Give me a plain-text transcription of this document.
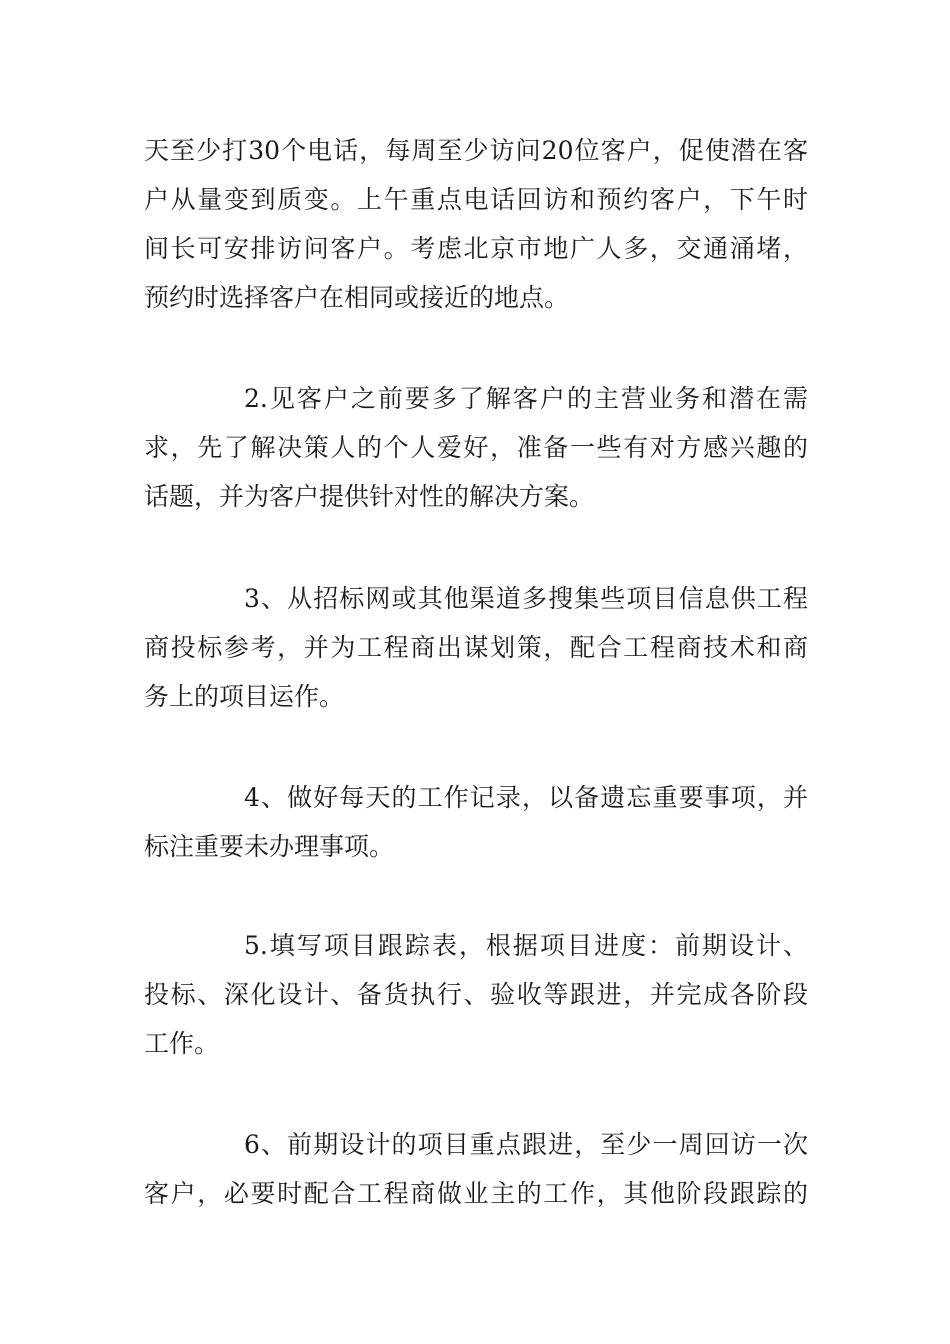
天至少打30个电话，每周至少访问20位客户，促使潜在客
户从量变到质变。上午重点电话回访和预约客户，下午时
间长可安排访问客户。考虑北京市地广人多，交通涌堵，
预约时选择客户在相同或接近的地点。
2.见客户之前要多了解客户的主营业务和潜在需
求，先了解决策人的个人爱好，准备一些有对方感兴趣的
话题，并为客户提供针对性的解决方案。
3、从招标网或其他渠道多搜集些项目信息供工程
商投标参考，并为工程商出谋划策，配合工程商技术和商
务上的项目运作。
4、做好每天的工作记录，以备遗忘重要事项，并
标注重要未办理事项。
5.填写项目跟踪表，根据项目进度：前期设计、
投标、深化设计、备货执行、验收等跟进，并完成各阶段
工作。
6、前期设计的项目重点跟进，至少一周回访一次
客户，必要时配合工程商做业主的工作，其他阶段跟踪的
